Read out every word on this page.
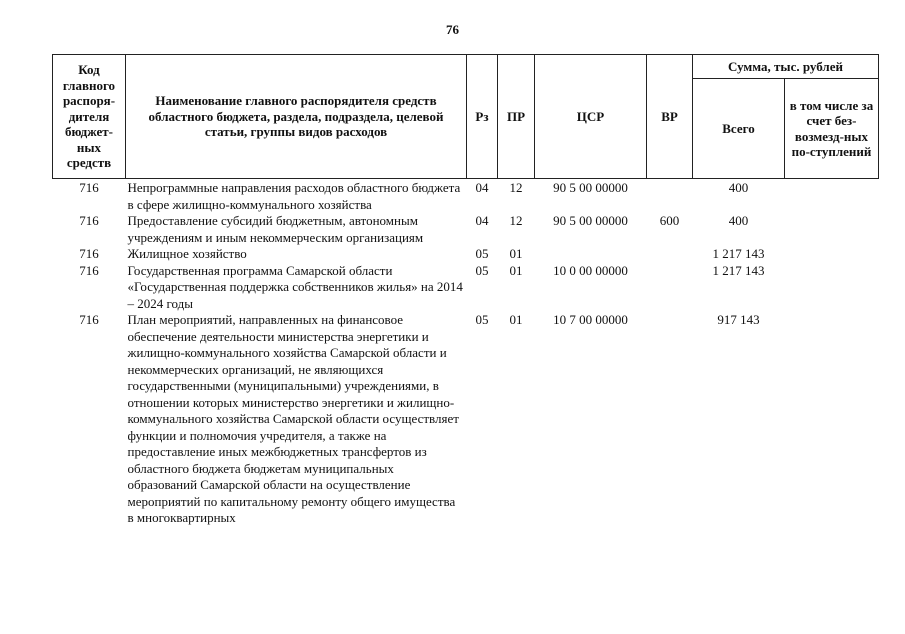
76
Код главного распоря-дителя бюджет-ных средств	Наименование главного распорядителя средств областного бюджета, раздела, подраздела, целевой статьи, группы видов расходов	Рз	ПР	ЦСР	ВР	Сумма, тыс. рублей	
						Всего	в том числе за счет без-возмезд-ных по-ступлений
716	Непрограммные направления расходов областного бюджета в сфере жилищно-коммунального хозяйства	04	12	90 5 00 00000		400	
716	Предоставление субсидий бюджетным, автономным учреждениям и иным некоммерческим организациям	04	12	90 5 00 00000	600	400	
716	Жилищное хозяйство	05	01			1 217 143	
716	Государственная программа Самарской области «Государственная поддержка собственников жилья» на 2014 – 2024 годы	05	01	10 0 00 00000		1 217 143	
716	План мероприятий, направленных на финансовое обеспечение деятельности министерства энергетики и жилищно-коммунального хозяйства Самарской области и некоммерческих организаций, не являющихся государственными (муниципальными) учреждениями, в отношении которых министерство энергетики и жилищно-коммунального хозяйства Самарской области осуществляет функции и полномочия учредителя, а также на предоставление иных межбюджетных трансфертов из областного бюджета бюджетам муниципальных образований Самарской области на осуществление мероприятий по капитальному ремонту общего имущества в многоквартирных	05	01	10 7 00 00000		917 143	
